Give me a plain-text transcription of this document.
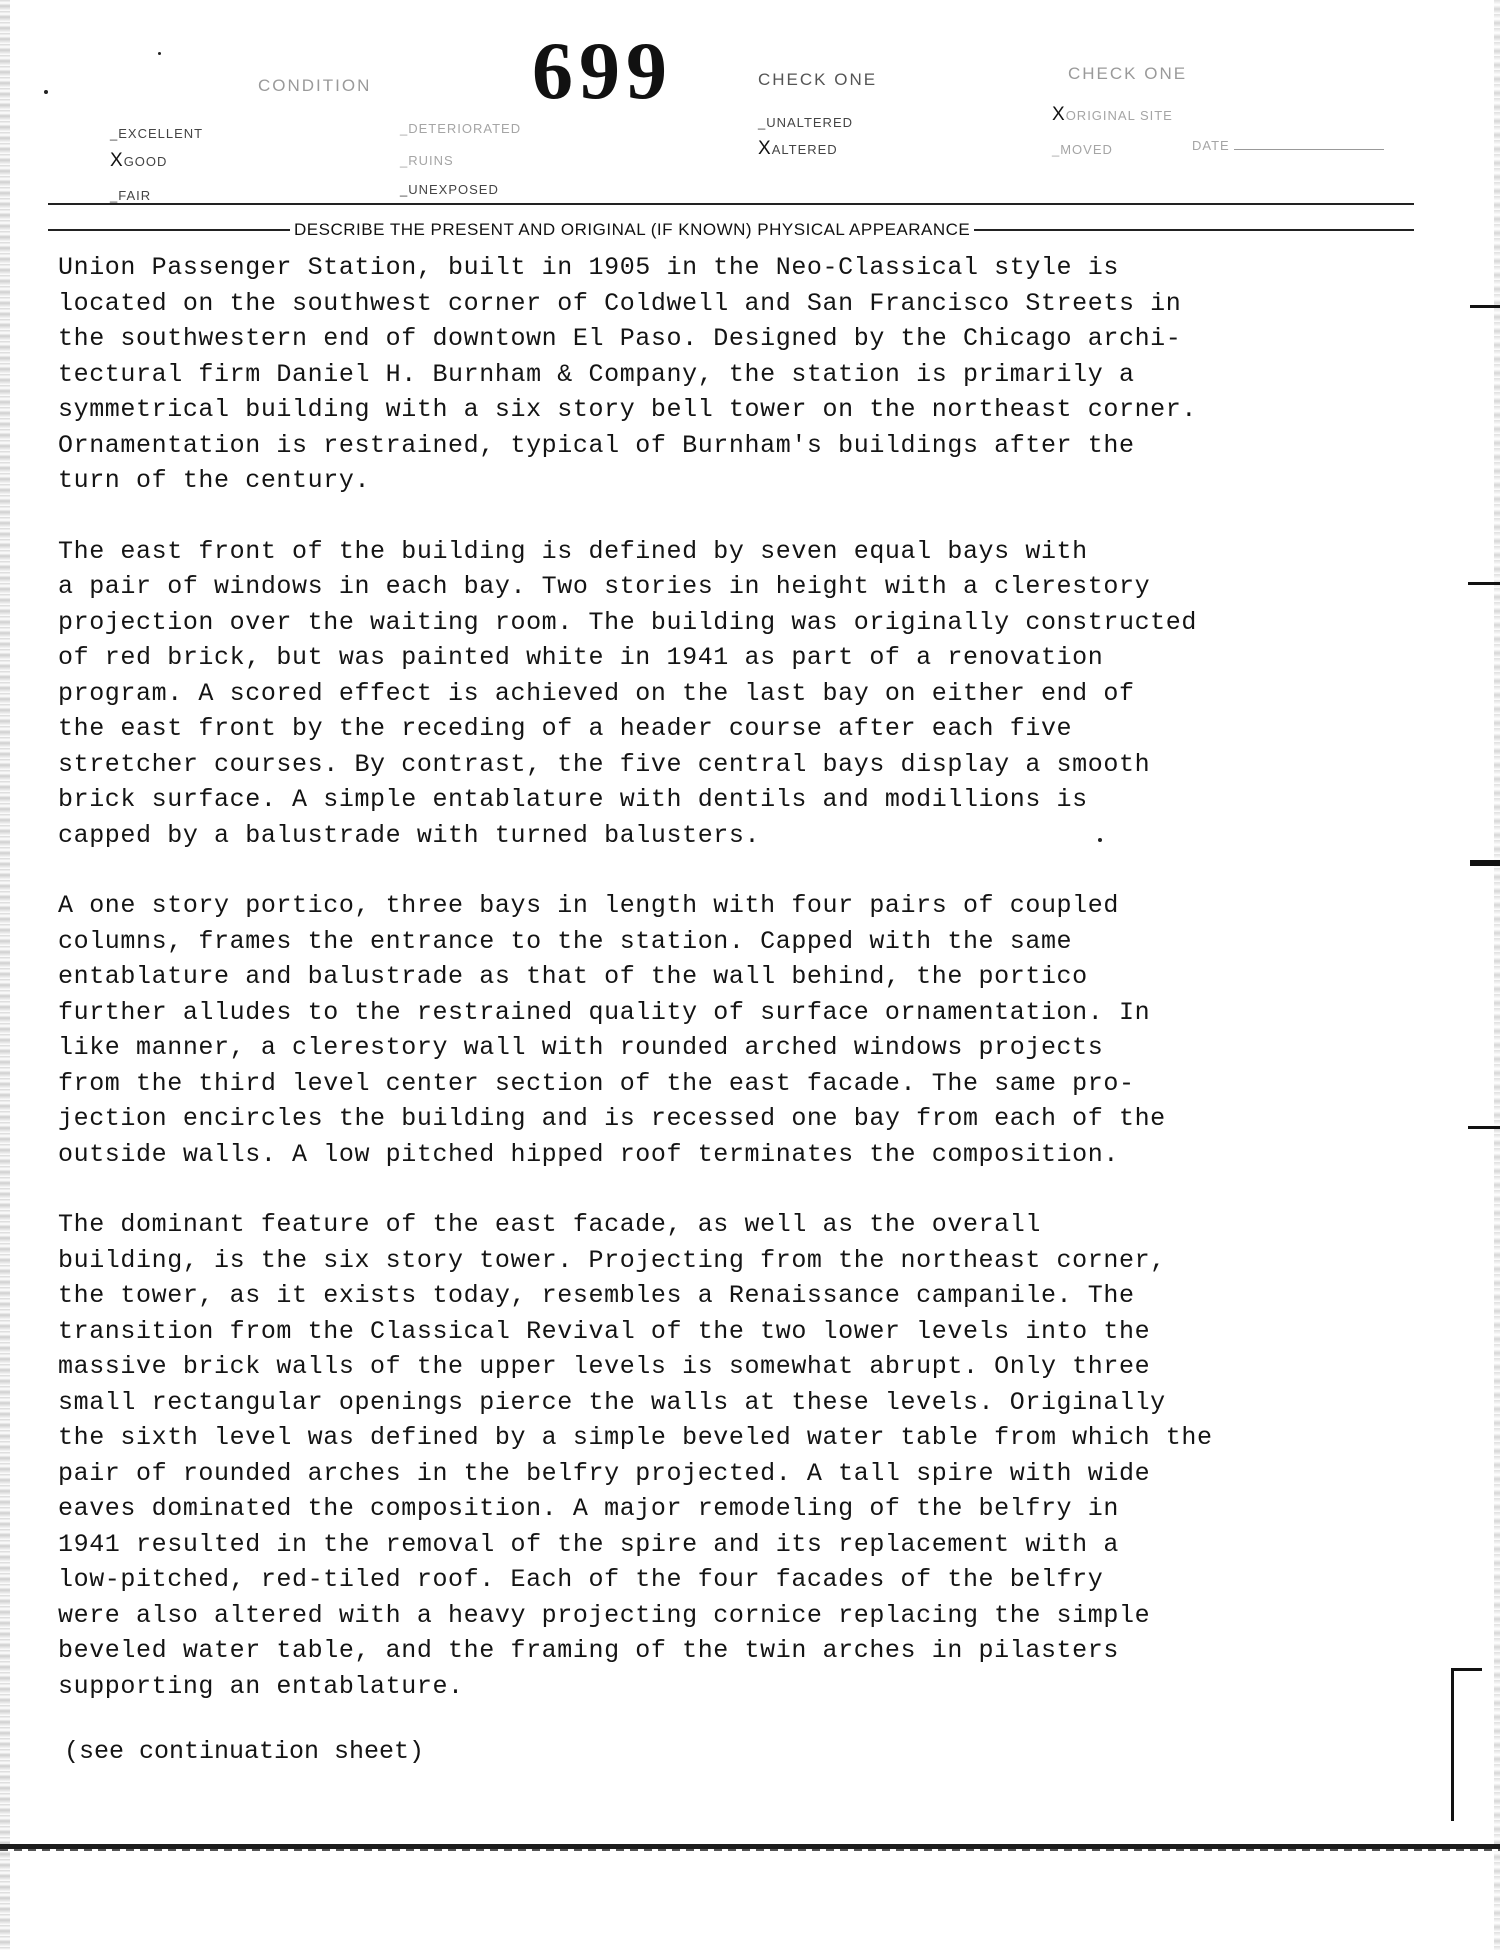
699
CONDITION
_EXCELLENT
XGOOD
_FAIR
_DETERIORATED
_RUINS
_UNEXPOSED
CHECK ONE
_UNALTERED
XALTERED
CHECK ONE
XORIGINAL SITE
_MOVED	DATE
DESCRIBE THE PRESENT AND ORIGINAL (IF KNOWN) PHYSICAL APPEARANCE

Union Passenger Station, built in 1905 in the Neo-Classical style is
located on the southwest corner of Coldwell and San Francisco Streets in
the southwestern end of downtown El Paso. Designed by the Chicago archi-
tectural firm Daniel H. Burnham & Company, the station is primarily a
symmetrical building with a six story bell tower on the northeast corner.
Ornamentation is restrained, typical of Burnham's buildings after the
turn of the century.

The east front of the building is defined by seven equal bays with
a pair of windows in each bay. Two stories in height with a clerestory
projection over the waiting room. The building was originally constructed
of red brick, but was painted white in 1941 as part of a renovation
program. A scored effect is achieved on the last bay on either end of
the east front by the receding of a header course after each five
stretcher courses. By contrast, the five central bays display a smooth
brick surface. A simple entablature with dentils and modillions is
capped by a balustrade with turned balusters.

A one story portico, three bays in length with four pairs of coupled
columns, frames the entrance to the station. Capped with the same
entablature and balustrade as that of the wall behind, the portico
further alludes to the restrained quality of surface ornamentation. In
like manner, a clerestory wall with rounded arched windows projects
from the third level center section of the east facade. The same pro-
jection encircles the building and is recessed one bay from each of the
outside walls. A low pitched hipped roof terminates the composition.

The dominant feature of the east facade, as well as the overall
building, is the six story tower. Projecting from the northeast corner,
the tower, as it exists today, resembles a Renaissance campanile. The
transition from the Classical Revival of the two lower levels into the
massive brick walls of the upper levels is somewhat abrupt. Only three
small rectangular openings pierce the walls at these levels. Originally
the sixth level was defined by a simple beveled water table from which the
pair of rounded arches in the belfry projected. A tall spire with wide
eaves dominated the composition. A major remodeling of the belfry in
1941 resulted in the removal of the spire and its replacement with a
low-pitched, red-tiled roof. Each of the four facades of the belfry
were also altered with a heavy projecting cornice replacing the simple
beveled water table, and the framing of the twin arches in pilasters
supporting an entablature.

(see continuation sheet)
